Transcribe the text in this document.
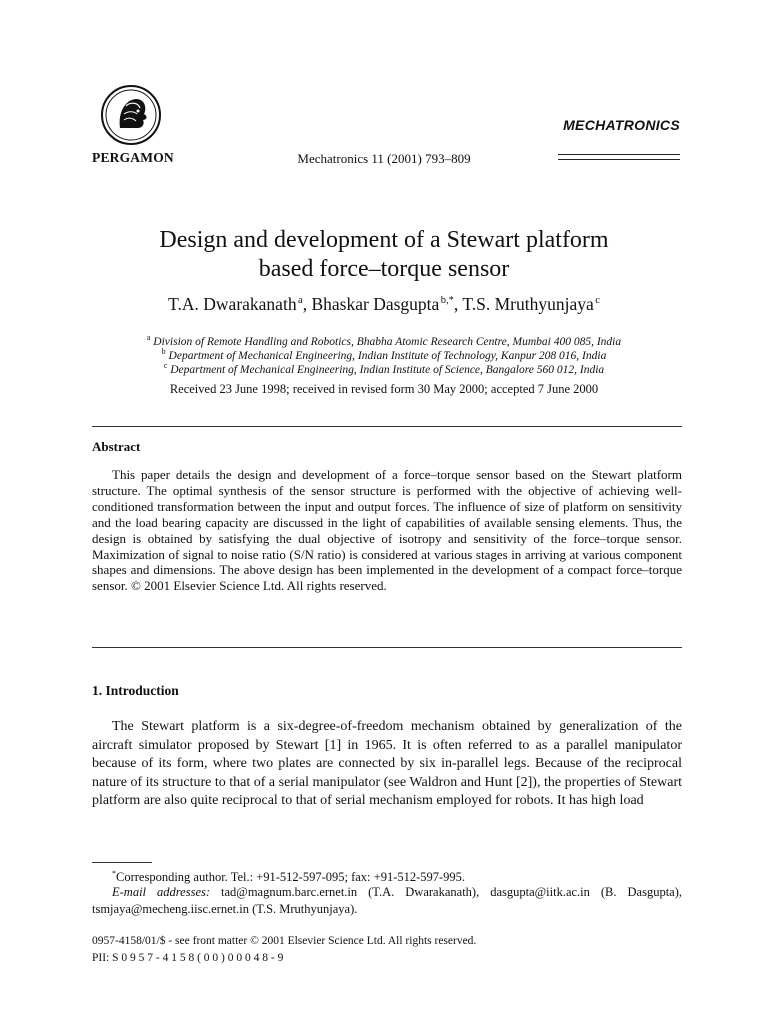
PERGAMON	Mechatronics 11 (2001) 793–809
MECHATRONICS
Design and development of a Stewart platform
based force–torque sensor
T.A. Dwarakanath $^a$, Bhaskar Dasgupta $^{b,*}$, T.S. Mruthyunjaya $^c$
$^a$ Division of Remote Handling and Robotics, Bhabha Atomic Research Centre, Mumbai 400 085, India
$^b$ Department of Mechanical Engineering, Indian Institute of Technology, Kanpur 208 016, India
$^c$ Department of Mechanical Engineering, Indian Institute of Science, Bangalore 560 012, India
Received 23 June 1998; received in revised form 30 May 2000; accepted 7 June 2000
Abstract

This paper details the design and development of a force–torque sensor based on the Stewart platform structure. The optimal synthesis of the sensor structure is performed with the objective of achieving well-conditioned transformation between the input and output forces. The influence of size of platform on sensitivity and the load bearing capacity are discussed in the light of capabilities of available sensing elements. Thus, the design is obtained by satisfying the dual objective of isotropy and sensitivity of the force–torque sensor. Maximization of signal to noise ratio (S/N ratio) is considered at various stages in arriving at various component shapes and dimensions. The above design has been implemented in the development of a compact force–torque sensor. © 2001 Elsevier Science Ltd. All rights reserved.

1. Introduction

The Stewart platform is a six-degree-of-freedom mechanism obtained by generalization of the aircraft simulator proposed by Stewart [1] in 1965. It is often referred to as a parallel manipulator because of its form, where two plates are connected by six in-parallel legs. Because of the reciprocal nature of its structure to that of a serial manipulator (see Waldron and Hunt [2]), the properties of Stewart platform are also quite reciprocal to that of serial mechanism employed for robots. It has high load

*Corresponding author. Tel.: +91-512-597-095; fax: +91-512-597-995.

E-mail addresses: tad@magnum.barc.ernet.in (T.A. Dwarakanath), dasgupta@iitk.ac.in (B. Dasgupta), tsmjaya@mecheng.iisc.ernet.in (T.S. Mruthyunjaya).

0957-4158/01/$ - see front matter © 2001 Elsevier Science Ltd. All rights reserved.
PII: S 0 9 5 7 - 4 1 5 8 ( 0 0 ) 0 0 0 4 8 - 9
